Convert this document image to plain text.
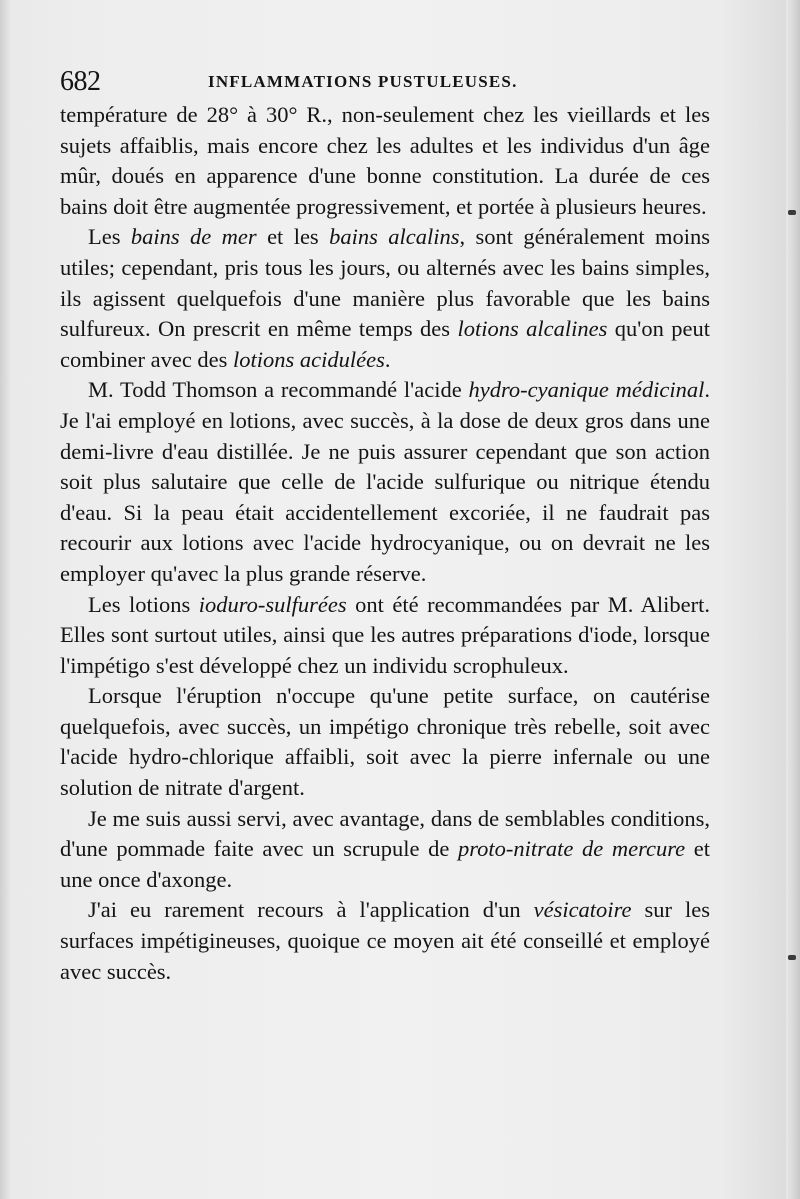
682	INFLAMMATIONS PUSTULEUSES.

température de 28° à 30° R., non-seulement chez les vieillards et les sujets affaiblis, mais encore chez les adultes et les individus d'un âge mûr, doués en apparence d'une bonne constitution. La durée de ces bains doit être augmentée progressivement, et portée à plusieurs heures.

Les bains de mer et les bains alcalins, sont généralement moins utiles; cependant, pris tous les jours, ou alternés avec les bains simples, ils agissent quelquefois d'une manière plus favorable que les bains sulfureux. On prescrit en même temps des lotions alcalines qu'on peut combiner avec des lotions acidulées.

M. Todd Thomson a recommandé l'acide hydro-cyanique médicinal. Je l'ai employé en lotions, avec succès, à la dose de deux gros dans une demi-livre d'eau distillée. Je ne puis assurer cependant que son action soit plus salutaire que celle de l'acide sulfurique ou nitrique étendu d'eau. Si la peau était accidentellement excoriée, il ne faudrait pas recourir aux lotions avec l'acide hydrocyanique, ou on devrait ne les employer qu'avec la plus grande réserve.

Les lotions ioduro-sulfurées ont été recommandées par M. Alibert. Elles sont surtout utiles, ainsi que les autres préparations d'iode, lorsque l'impétigo s'est développé chez un individu scrophuleux.

Lorsque l'éruption n'occupe qu'une petite surface, on cautérise quelquefois, avec succès, un impétigo chronique très rebelle, soit avec l'acide hydro-chlorique affaibli, soit avec la pierre infernale ou une solution de nitrate d'argent.

Je me suis aussi servi, avec avantage, dans de semblables conditions, d'une pommade faite avec un scrupule de proto-nitrate de mercure et une once d'axonge.

J'ai eu rarement recours à l'application d'un vésicatoire sur les surfaces impétigineuses, quoique ce moyen ait été conseillé et employé avec succès.
